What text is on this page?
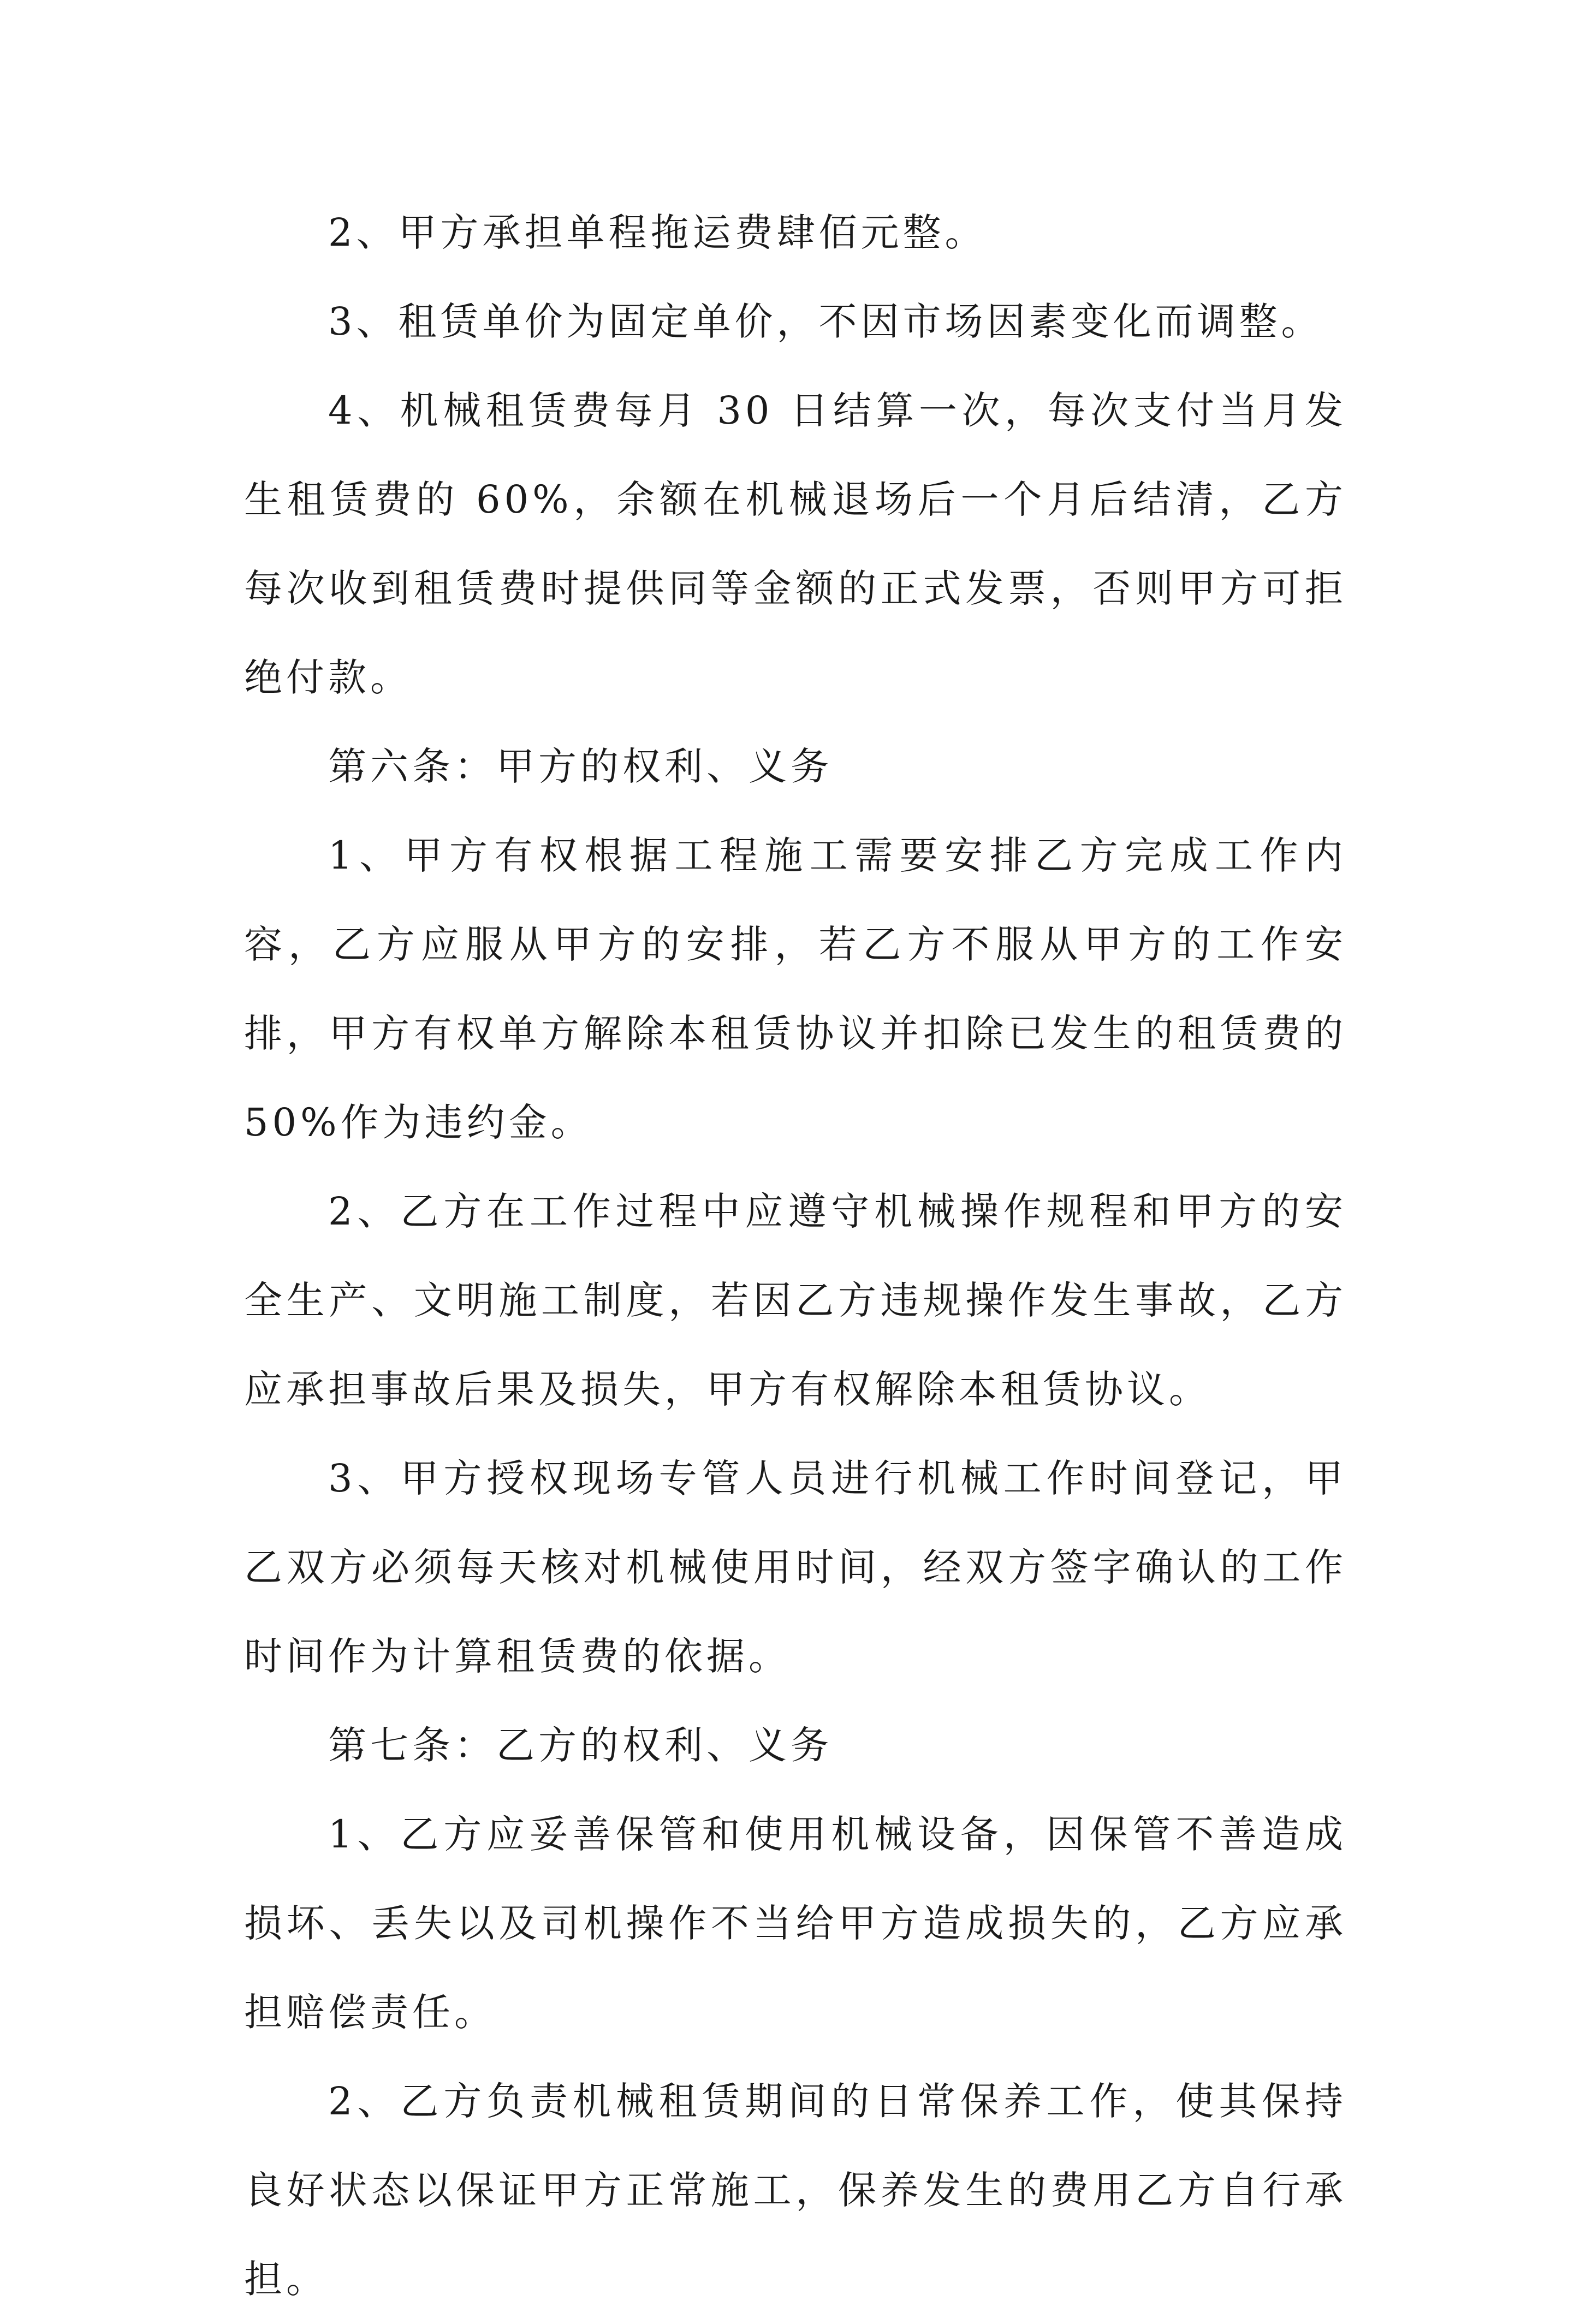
2、甲方承担单程拖运费肆佰元整。

3、租赁单价为固定单价，不因市场因素变化而调整。

4、机械租赁费每月 30 日结算一次，每次支付当月发生租赁费的 60%，余额在机械退场后一个月后结清，乙方每次收到租赁费时提供同等金额的正式发票，否则甲方可拒绝付款。

第六条：甲方的权利、义务

1、甲方有权根据工程施工需要安排乙方完成工作内容，乙方应服从甲方的安排，若乙方不服从甲方的工作安排，甲方有权单方解除本租赁协议并扣除已发生的租赁费的 50%作为违约金。

2、乙方在工作过程中应遵守机械操作规程和甲方的安全生产、文明施工制度，若因乙方违规操作发生事故，乙方应承担事故后果及损失，甲方有权解除本租赁协议。

3、甲方授权现场专管人员进行机械工作时间登记，甲乙双方必须每天核对机械使用时间，经双方签字确认的工作时间作为计算租赁费的依据。

第七条：乙方的权利、义务

1、乙方应妥善保管和使用机械设备，因保管不善造成损坏、丢失以及司机操作不当给甲方造成损失的，乙方应承担赔偿责任。

2、乙方负责机械租赁期间的日常保养工作，使其保持良好状态以保证甲方正常施工，保养发生的费用乙方自行承担。
